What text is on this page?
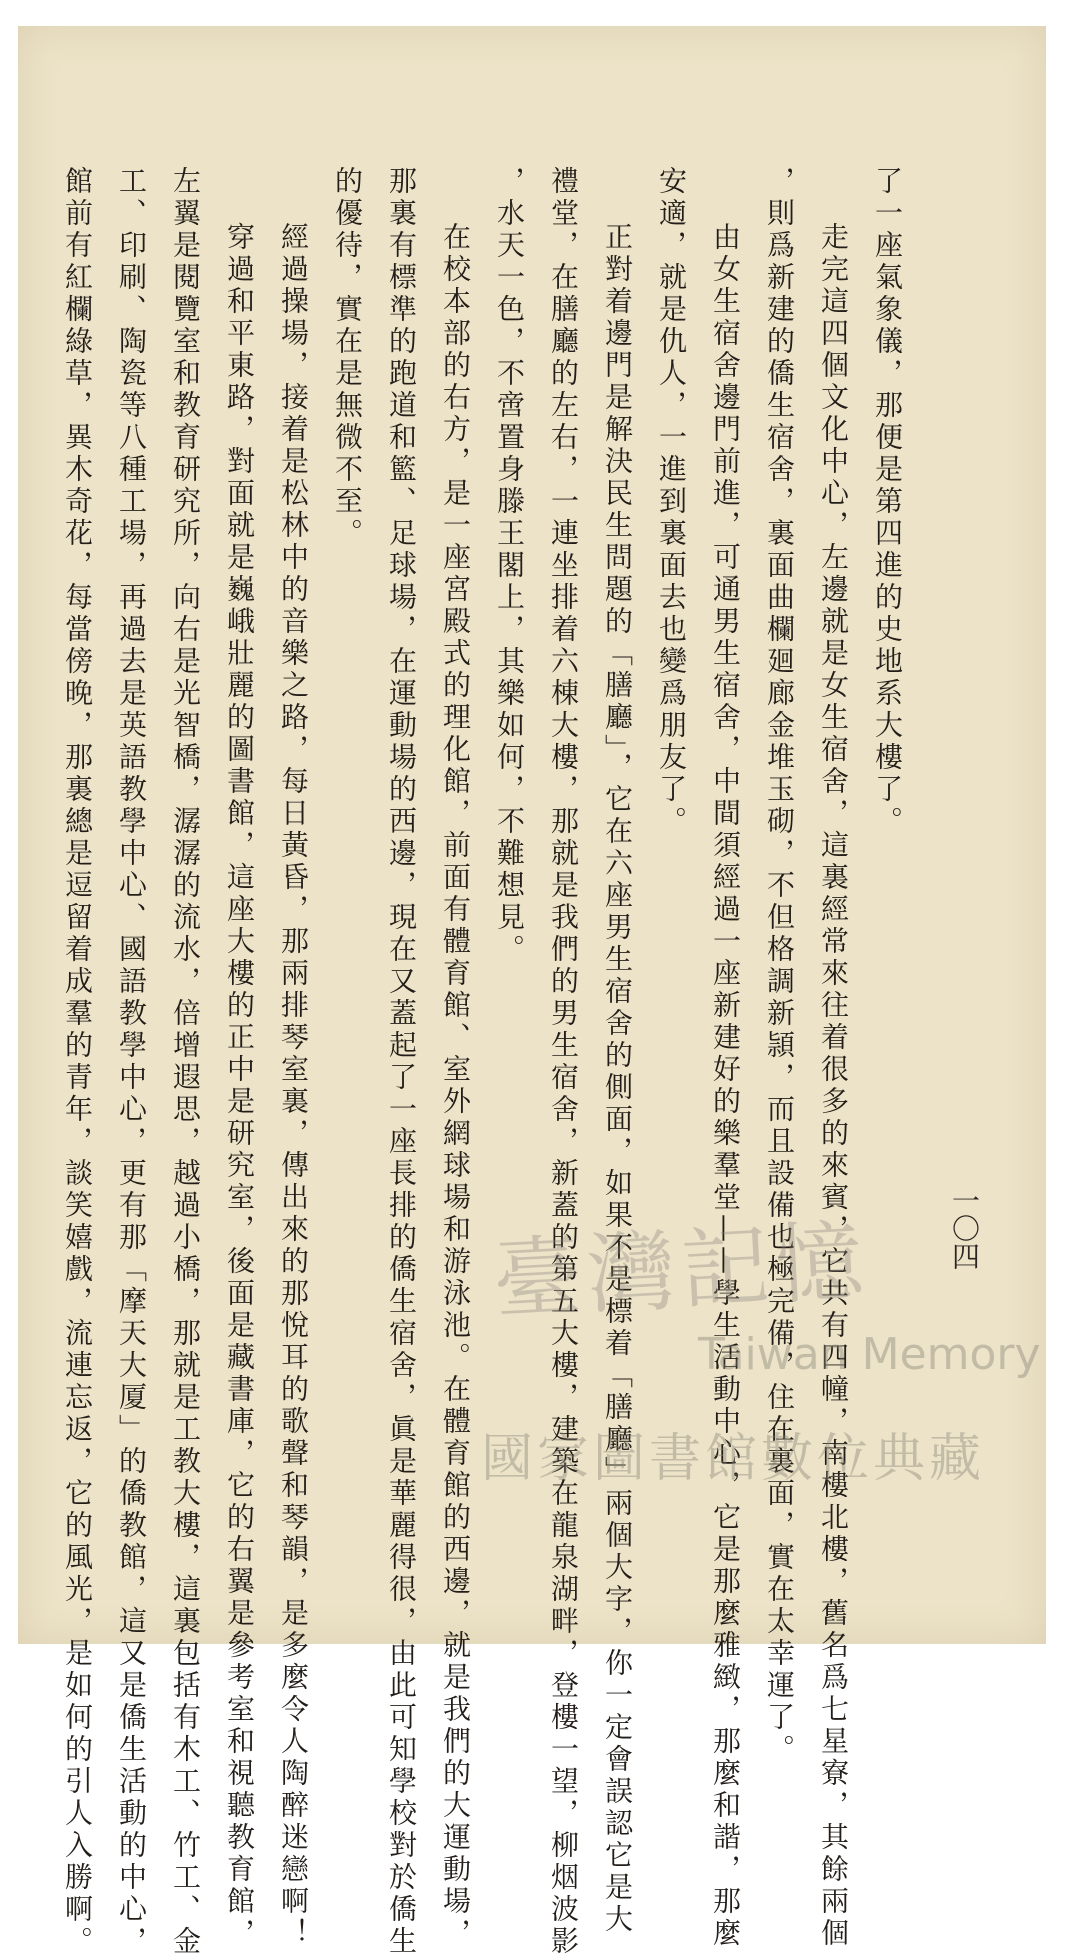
一〇四
了一座氣象儀，那便是第四進的史地系大樓了。
走完這四個文化中心，左邊就是女生宿舍，這裏經常來往着很多的來賓，它共有四幢，南樓北樓，舊名爲七星寮，其餘兩個
，則爲新建的僑生宿舍，裏面曲欄廻廊金堆玉砌，不但格調新頴，而且設備也極完備，住在裏面，實在太幸運了。
由女生宿舍邊門前進，可通男生宿舍，中間須經過一座新建好的樂羣堂——學生活動中心，它是那麼雅緻，那麼和諧，那麼
安適，就是仇人，一進到裏面去也變爲朋友了。
正對着邊門是解決民生問題的「膳廳」，它在六座男生宿舍的側面，如果不是標着「膳廳」兩個大字，你一定會誤認它是大
禮堂，在膳廳的左右，一連坐排着六棟大樓，那就是我們的男生宿舍，新蓋的第五大樓，建築在龍泉湖畔，登樓一望，柳烟波影
，水天一色，不啻置身滕王閣上，其樂如何，不難想見。
在校本部的右方，是一座宮殿式的理化館，前面有體育館、室外網球場和游泳池。在體育館的西邊，就是我們的大運動場，
那裏有標準的跑道和籃、足球場，在運動場的西邊，現在又蓋起了一座長排的僑生宿舍，眞是華麗得很，由此可知學校對於僑生
的優待，實在是無微不至。
經過操場，接着是松林中的音樂之路，每日黃昏，那兩排琴室裏，傳出來的那悅耳的歌聲和琴韻，是多麼令人陶醉迷戀啊！
穿過和平東路，對面就是巍峨壯麗的圖書館，這座大樓的正中是研究室，後面是藏書庫，它的右翼是參考室和視聽教育館，
左翼是閱覽室和教育研究所，向右是光智橋，潺潺的流水，倍增遐思，越過小橋，那就是工教大樓，這裏包括有木工、竹工、金
工、印刷、陶瓷等八種工場，再過去是英語教學中心、國語教學中心，更有那「摩天大厦」的僑教館，這又是僑生活動的中心，
館前有紅欄綠草，異木奇花，每當傍晚，那裏總是逗留着成羣的青年，談笑嬉戲，流連忘返，它的風光，是如何的引人入勝啊。	臺灣記憶
Taiwan Memory
國家圖書館數位典藏
